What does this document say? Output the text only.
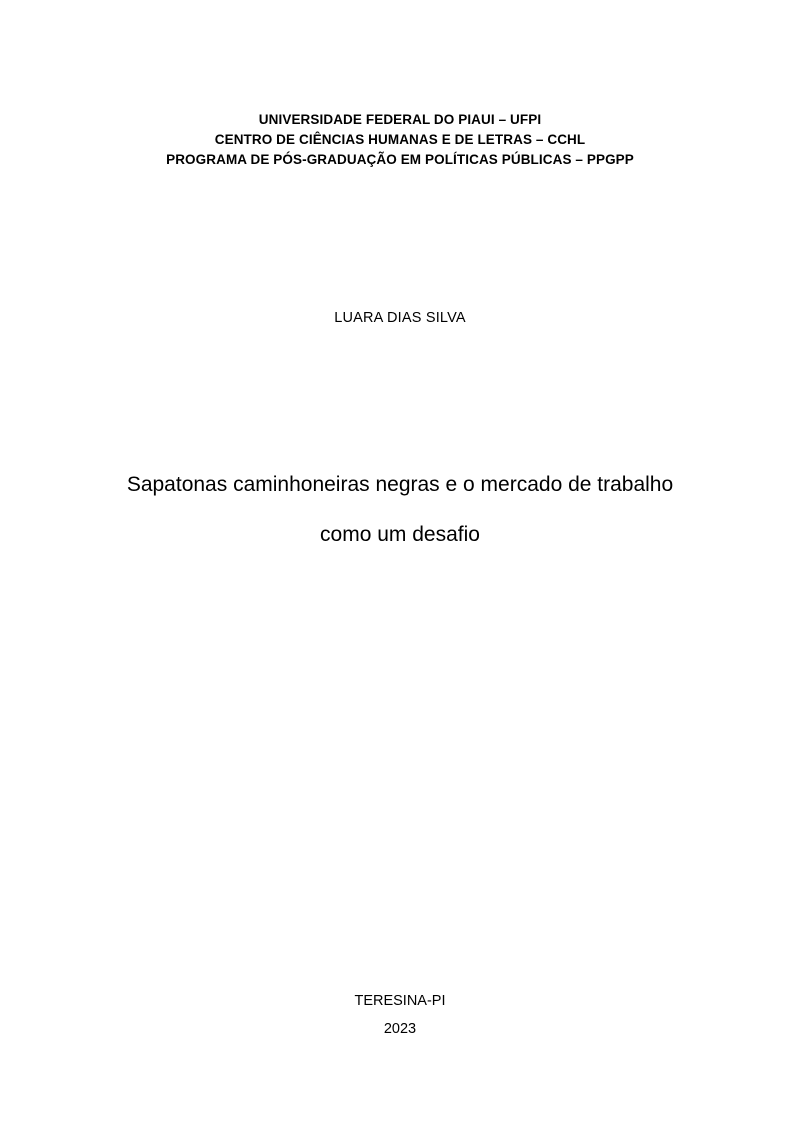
UNIVERSIDADE FEDERAL DO PIAUI – UFPI
CENTRO DE CIÊNCIAS HUMANAS E DE LETRAS – CCHL
PROGRAMA DE PÓS-GRADUAÇÃO EM POLÍTICAS PÚBLICAS – PPGPP
LUARA DIAS SILVA
Sapatonas caminhoneiras negras e o mercado de trabalho como um desafio
TERESINA-PI
2023
